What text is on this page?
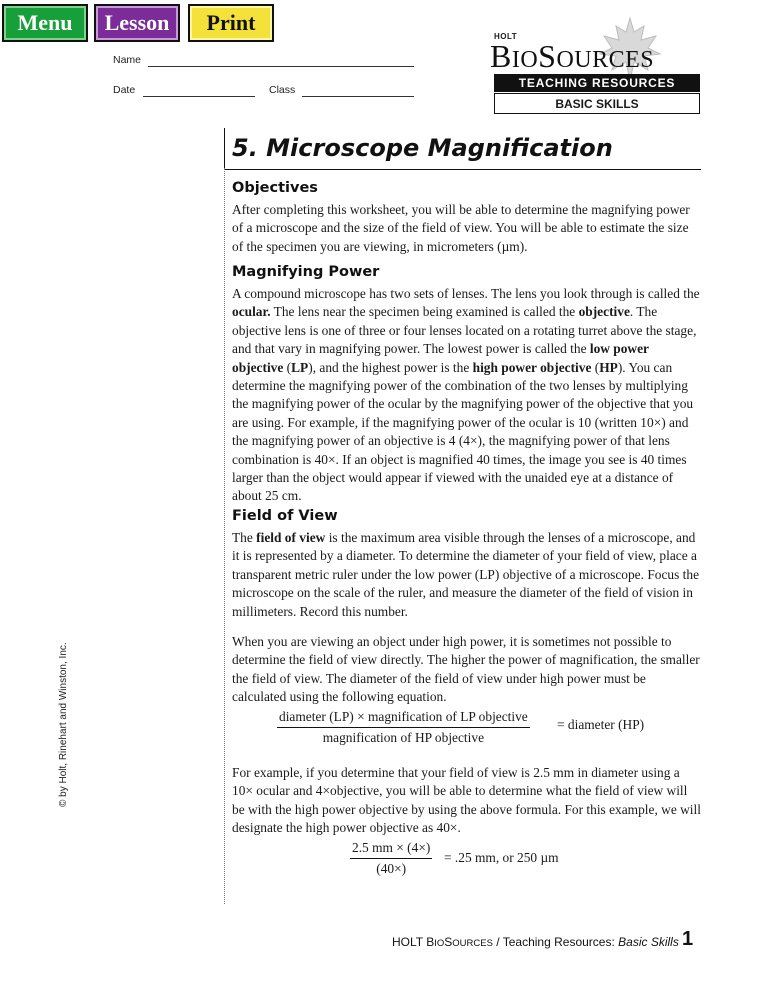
Menu Lesson Print
Name
Date	Class
HOLT
BIOSOURCES
TEACHING RESOURCES
BASIC SKILLS
© by Holt, Rinehart and Winston, Inc.
5. Microscope Magnification
Objectives

After completing this worksheet, you will be able to determine the magnifying power of a microscope and the size of the field of view. You will be able to estimate the size of the specimen you are viewing, in micrometers (µm).

Magnifying Power

A compound microscope has two sets of lenses. The lens you look through is called the ocular. The lens near the specimen being examined is called the objective. The objective lens is one of three or four lenses located on a rotating turret above the stage, and that vary in magnifying power. The lowest power is called the low power objective (LP), and the highest power is the high power objective (HP). You can determine the magnifying power of the combination of the two lenses by multiplying the magnifying power of the ocular by the magnifying power of the objective that you are using. For example, if the magnifying power of the ocular is 10 (written 10×) and the magnifying power of an objective is 4 (4×), the magnifying power of that lens combination is 40×. If an object is magnified 40 times, the image you see is 40 times larger than the object would appear if viewed with the unaided eye at a distance of about 25 cm.

Field of View

The field of view is the maximum area visible through the lenses of a microscope, and it is represented by a diameter. To determine the diameter of your field of view, place a transparent metric ruler under the low power (LP) objective of a microscope. Focus the microscope on the scale of the ruler, and measure the diameter of the field of vision in millimeters. Record this number.

When you are viewing an object under high power, it is sometimes not possible to determine the field of view directly. The higher the power of magnification, the smaller the field of view. The diameter of the field of view under high power must be calculated using the following equation.

diameter (LP) × magnification of LP objective
magnification of HP objective
= diameter (HP)

For example, if you determine that your field of view is 2.5 mm in diameter using a 10× ocular and 4×objective, you will be able to determine what the field of view will be with the high power objective by using the above formula. For this example, we will designate the high power objective as 40×.

$\frac{2.5 mm \times (4\times)}{(40\times)} = .25$ mm, or 250 µm
HOLT BIOSOURCES / Teaching Resources: Basic Skills 1
